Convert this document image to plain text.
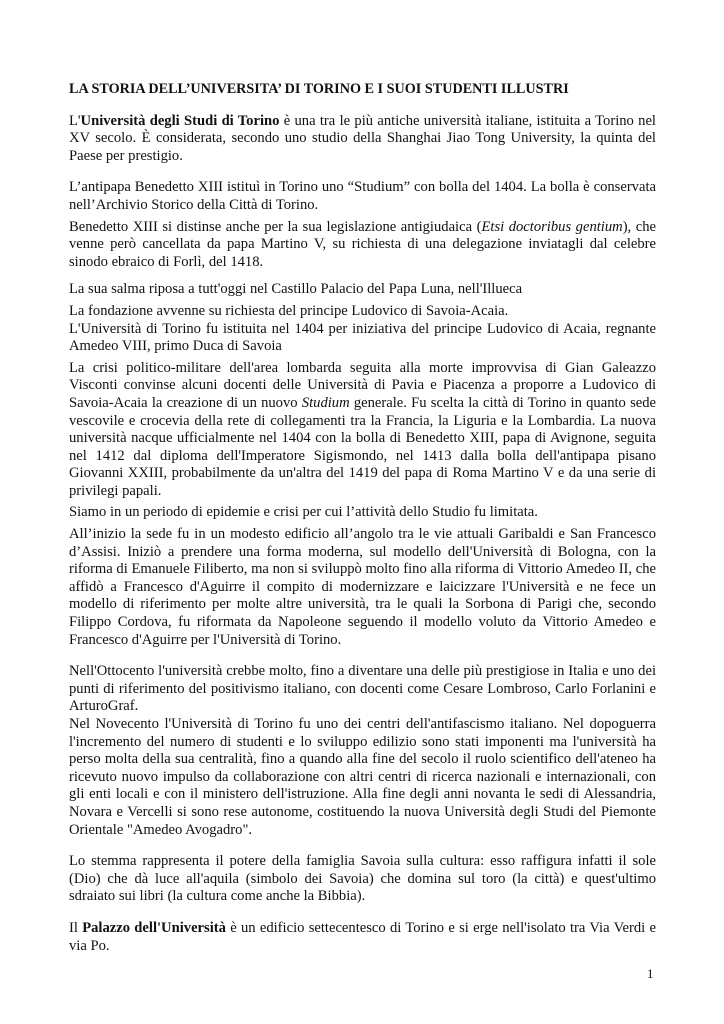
LA STORIA DELL’UNIVERSITA’ DI TORINO E I SUOI STUDENTI ILLUSTRI

L'Università degli Studi di Torino è una tra le più antiche università italiane, istituita a Torino nel XV secolo. È considerata, secondo uno studio della Shanghai Jiao Tong University, la quinta del Paese per prestigio.

L’antipapa Benedetto XIII istituì in Torino uno “Studium” con bolla del 1404. La bolla è conservata nell’Archivio Storico della Città di Torino.

Benedetto XIII si distinse anche per la sua legislazione antigiudaica (Etsi doctoribus gentium), che venne però cancellata da papa Martino V, su richiesta di una delegazione inviatagli dal celebre sinodo ebraico di Forlì, del 1418.

La sua salma riposa a tutt'oggi nel Castillo Palacio del Papa Luna, nell'Illueca

La fondazione avvenne su richiesta del principe Ludovico di Savoia-Acaia.

L'Università di Torino fu istituita nel 1404 per iniziativa del principe Ludovico di Acaia, regnante Amedeo VIII, primo Duca di Savoia

La crisi politico-militare dell'area lombarda seguita alla morte improvvisa di Gian Galeazzo Visconti convinse alcuni docenti delle Università di Pavia e Piacenza a proporre a Ludovico di Savoia-Acaia la creazione di un nuovo Studium generale. Fu scelta la città di Torino in quanto sede vescovile e crocevia della rete di collegamenti tra la Francia, la Liguria e la Lombardia. La nuova università nacque ufficialmente nel 1404 con la bolla di Benedetto XIII, papa di Avignone, seguita nel 1412 dal diploma dell'Imperatore Sigismondo, nel 1413 dalla bolla dell'antipapa pisano Giovanni XXIII, probabilmente da un'altra del 1419 del papa di Roma Martino V e da una serie di privilegi papali.

Siamo in un periodo di epidemie e crisi per cui l’attività dello Studio fu limitata.

All’inizio la sede fu in un modesto edificio all’angolo tra le vie attuali Garibaldi e San Francesco d’Assisi. Iniziò a prendere una forma moderna, sul modello dell'Università di Bologna, con la riforma di Emanuele Filiberto, ma non si sviluppò molto fino alla riforma di Vittorio Amedeo II, che affidò a Francesco d'Aguirre il compito di modernizzare e laicizzare l'Università e ne fece un modello di riferimento per molte altre università, tra le quali la Sorbona di Parigi che, secondo Filippo Cordova, fu riformata da Napoleone seguendo il modello voluto da Vittorio Amedeo e Francesco d'Aguirre per l'Università di Torino.

Nell'Ottocento l'università crebbe molto, fino a diventare una delle più prestigiose in Italia e uno dei punti di riferimento del positivismo italiano, con docenti come Cesare Lombroso, Carlo Forlanini e ArturoGraf.

Nel Novecento l'Università di Torino fu uno dei centri dell'antifascismo italiano. Nel dopoguerra l'incremento del numero di studenti e lo sviluppo edilizio sono stati imponenti ma l'università ha perso molta della sua centralità, fino a quando alla fine del secolo il ruolo scientifico dell'ateneo ha ricevuto nuovo impulso da collaborazione con altri centri di ricerca nazionali e internazionali, con gli enti locali e con il ministero dell'istruzione. Alla fine degli anni novanta le sedi di Alessandria, Novara e Vercelli si sono rese autonome, costituendo la nuova Università degli Studi del Piemonte Orientale "Amedeo Avogadro".

Lo stemma rappresenta il potere della famiglia Savoia sulla cultura: esso raffigura infatti il sole (Dio) che dà luce all'aquila (simbolo dei Savoia) che domina sul toro (la città) e quest'ultimo sdraiato sui libri (la cultura come anche la Bibbia).

Il Palazzo dell'Università è un edificio settecentesco di Torino e si erge nell'isolato tra Via Verdi e via Po.

1
